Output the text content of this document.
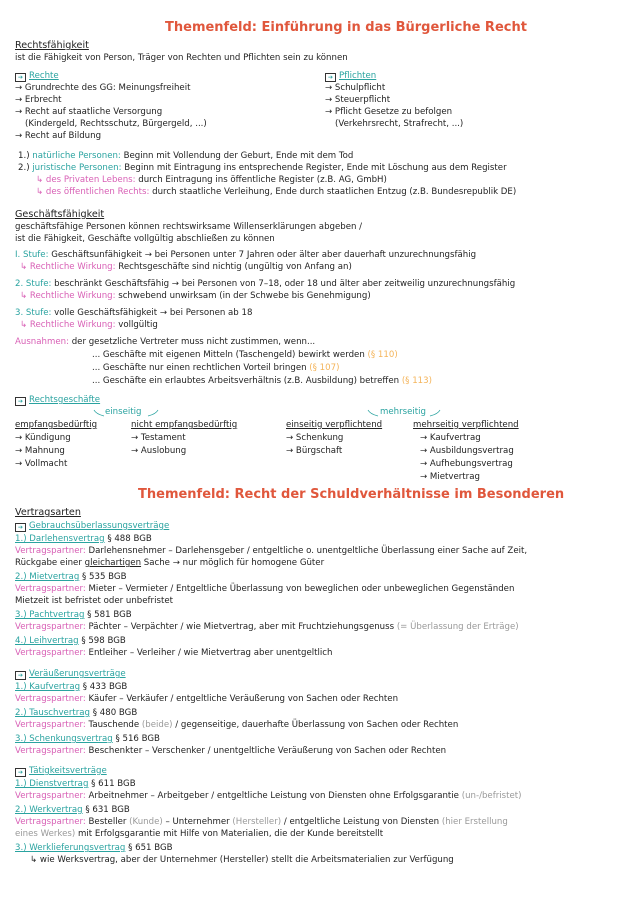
Themenfeld: Einführung in das Bürgerliche Recht
Rechtsfähigkeit
ist die Fähigkeit von Person, Träger von Rechten und Pflichten sein zu können
➔ Rechte
→ Grundrechte des GG: Meinungsfreiheit
→ Erbrecht
→ Recht auf staatliche Versorgung
(Kindergeld, Rechtsschutz, Bürgergeld, ...)
→ Recht auf Bildung
➔ Pflichten
→ Schulpflicht
→ Steuerpflicht
→ Pflicht Gesetze zu befolgen
(Verkehrsrecht, Strafrecht, ...)
1.) natürliche Personen: Beginn mit Vollendung der Geburt, Ende mit dem Tod
2.) juristische Personen: Beginn mit Eintragung ins entsprechende Register, Ende mit Löschung aus dem Register
↳ des Privaten Lebens: durch Eintragung ins öffentliche Register (z.B. AG, GmbH)
↳ des öffentlichen Rechts: durch staatliche Verleihung, Ende durch staatlichen Entzug (z.B. Bundesrepublik DE)
Geschäftsfähigkeit
geschäftsfähige Personen können rechtswirksame Willenserklärungen abgeben /
ist die Fähigkeit, Geschäfte vollgültig abschließen zu können
I. Stufe: Geschäftsunfähigkeit → bei Personen unter 7 Jahren oder älter aber dauerhaft unzurechnungsfähig
↳ Rechtliche Wirkung: Rechtsgeschäfte sind nichtig (ungültig von Anfang an)
2. Stufe: beschränkt Geschäftsfähig → bei Personen von 7–18, oder 18 und älter aber zeitweilig unzurechnungsfähig
↳ Rechtliche Wirkung: schwebend unwirksam (in der Schwebe bis Genehmigung)
3. Stufe: volle Geschäftsfähigkeit → bei Personen ab 18
↳ Rechtliche Wirkung: vollgültig
Ausnahmen: der gesetzliche Vertreter muss nicht zustimmen, wenn...
... Geschäfte mit eigenen Mitteln (Taschengeld) bewirkt werden (§ 110)
... Geschäfte nur einen rechtlichen Vorteil bringen (§ 107)
... Geschäfte ein erlaubtes Arbeitsverhältnis (z.B. Ausbildung) betreffen (§ 113)
➔ Rechtsgeschäfte
einseitig	mehrseitig
empfangsbedürftig
→ Kündigung
→ Mahnung
→ Vollmacht
nicht empfangsbedürftig
→ Testament
→ Auslobung
einseitig verpflichtend
→ Schenkung
→ Bürgschaft
mehrseitig verpflichtend
→ Kaufvertrag
→ Ausbildungsvertrag
→ Aufhebungsvertrag
→ Mietvertrag
Themenfeld: Recht der Schuldverhältnisse im Besonderen
Vertragsarten
➔ Gebrauchsüberlassungsverträge
1.) Darlehensvertrag § 488 BGB
Vertragspartner: Darlehensnehmer – Darlehensgeber / entgeltliche o. unentgeltliche Überlassung einer Sache auf Zeit,
Rückgabe einer gleichartigen Sache → nur möglich für homogene Güter
2.) Mietvertrag § 535 BGB
Vertragspartner: Mieter – Vermieter / Entgeltliche Überlassung von beweglichen oder unbeweglichen Gegenständen
Mietzeit ist befristet oder unbefristet
3.) Pachtvertrag § 581 BGB
Vertragspartner: Pächter – Verpächter / wie Mietvertrag, aber mit Fruchtziehungsgenuss (= Überlassung der Erträge)
4.) Leihvertrag § 598 BGB
Vertragspartner: Entleiher – Verleiher / wie Mietvertrag aber unentgeltlich
➔ Veräußerungsverträge
1.) Kaufvertrag § 433 BGB
Vertragspartner: Käufer – Verkäufer / entgeltliche Veräußerung von Sachen oder Rechten
2.) Tauschvertrag § 480 BGB
Vertragspartner: Tauschende (beide) / gegenseitige, dauerhafte Überlassung von Sachen oder Rechten
3.) Schenkungsvertrag § 516 BGB
Vertragspartner: Beschenkter – Verschenker / unentgeltliche Veräußerung von Sachen oder Rechten
➔ Tätigkeitsverträge
1.) Dienstvertrag § 611 BGB
Vertragspartner: Arbeitnehmer – Arbeitgeber / entgeltliche Leistung von Diensten ohne Erfolgsgarantie (un-/befristet)
2.) Werkvertrag § 631 BGB
Vertragspartner: Besteller (Kunde) – Unternehmer (Hersteller) / entgeltliche Leistung von Diensten (hier Erstellung
eines Werkes) mit Erfolgsgarantie mit Hilfe von Materialien, die der Kunde bereitstellt
3.) Werklieferungsvertrag § 651 BGB
↳ wie Werksvertrag, aber der Unternehmer (Hersteller) stellt die Arbeitsmaterialien zur Verfügung
